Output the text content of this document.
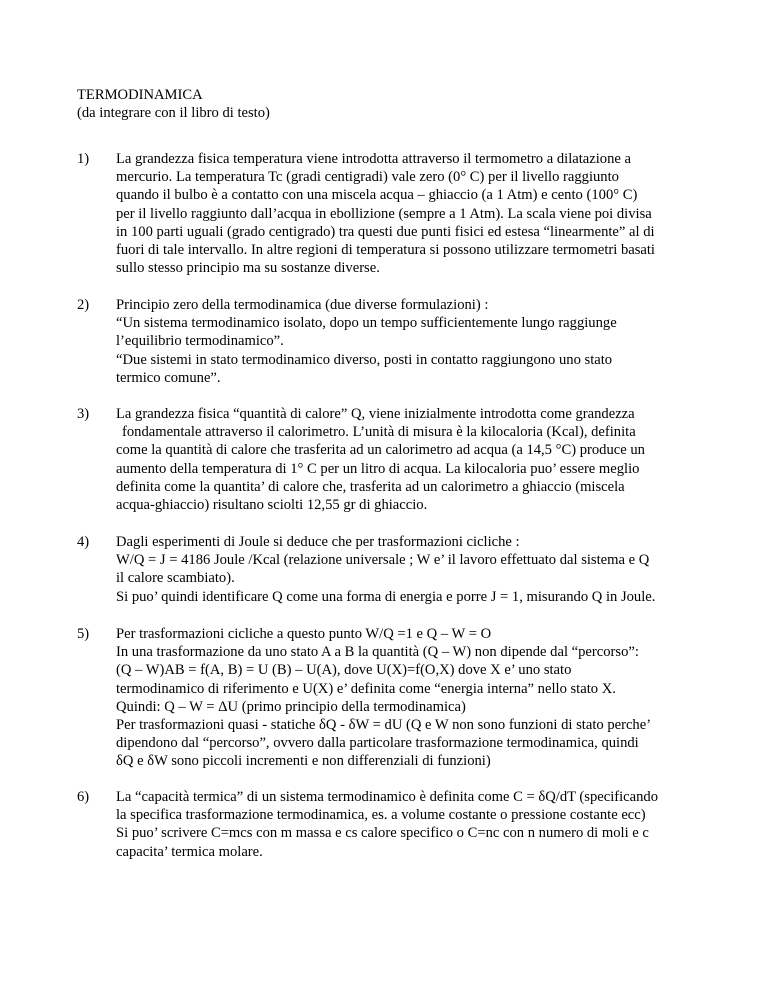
TERMODINAMICA
(da integrare con il libro di testo)
1)	La grandezza fisica temperatura viene introdotta attraverso il termometro a dilatazione a
mercurio. La temperatura Tc (gradi centigradi) vale zero (0° C) per il livello raggiunto
quando il bulbo è a contatto con una miscela acqua – ghiaccio (a 1 Atm) e cento (100° C)
per il livello raggiunto dall’acqua in ebollizione (sempre a 1 Atm). La scala viene poi divisa
in 100 parti uguali (grado centigrado) tra questi due punti fisici ed estesa “linearmente” al di
fuori di tale intervallo. In altre regioni di temperatura si possono utilizzare termometri basati
sullo stesso principio ma su sostanze diverse.
2)	Principio zero della termodinamica (due diverse formulazioni) :
“Un sistema termodinamico isolato, dopo un tempo sufficientemente lungo raggiunge
l’equilibrio termodinamico”.
“Due sistemi in stato termodinamico diverso, posti in contatto raggiungono uno stato
termico comune”.
3)	La grandezza fisica “quantità di calore” Q, viene inizialmente introdotta come grandezza
fondamentale attraverso il calorimetro. L’unità di misura è la kilocaloria (Kcal), definita
come la quantità di calore che trasferita ad un calorimetro ad acqua (a 14,5 °C) produce un
aumento della temperatura di 1° C per un litro di acqua. La kilocaloria puo’ essere meglio
definita come la quantita’ di calore che, trasferita ad un calorimetro a ghiaccio (miscela
acqua-ghiaccio) risultano sciolti 12,55 gr di ghiaccio.
4)	Dagli esperimenti di Joule si deduce che per trasformazioni cicliche :
W/Q = J = 4186 Joule /Kcal (relazione universale ; W e’ il lavoro effettuato dal sistema e Q
il calore scambiato).
Si puo’ quindi identificare Q come una forma di energia e porre J = 1, misurando Q in Joule.
5)	Per trasformazioni cicliche a questo punto W/Q =1 e Q – W = O
In una trasformazione da uno stato A a B la quantità (Q – W) non dipende dal “percorso”:
(Q – W)AB = f(A, B) = U (B) – U(A), dove U(X)=f(O,X) dove X e’ uno stato
termodinamico di riferimento e U(X) e’ definita come “energia interna” nello stato X.
Quindi: Q – W = ΔU (primo principio della termodinamica)
Per trasformazioni quasi - statiche δQ - δW = dU (Q e W non sono funzioni di stato perche’
dipendono dal “percorso”, ovvero dalla particolare trasformazione termodinamica, quindi
δQ e δW sono piccoli incrementi e non differenziali di funzioni)
6)	La “capacità termica” di un sistema termodinamico è definita come C = δQ/dT (specificando
la specifica trasformazione termodinamica, es. a volume costante o pressione costante ecc)
Si puo’ scrivere C=mcs con m massa e cs calore specifico o C=nc con n numero di moli e c
capacita’ termica molare.
